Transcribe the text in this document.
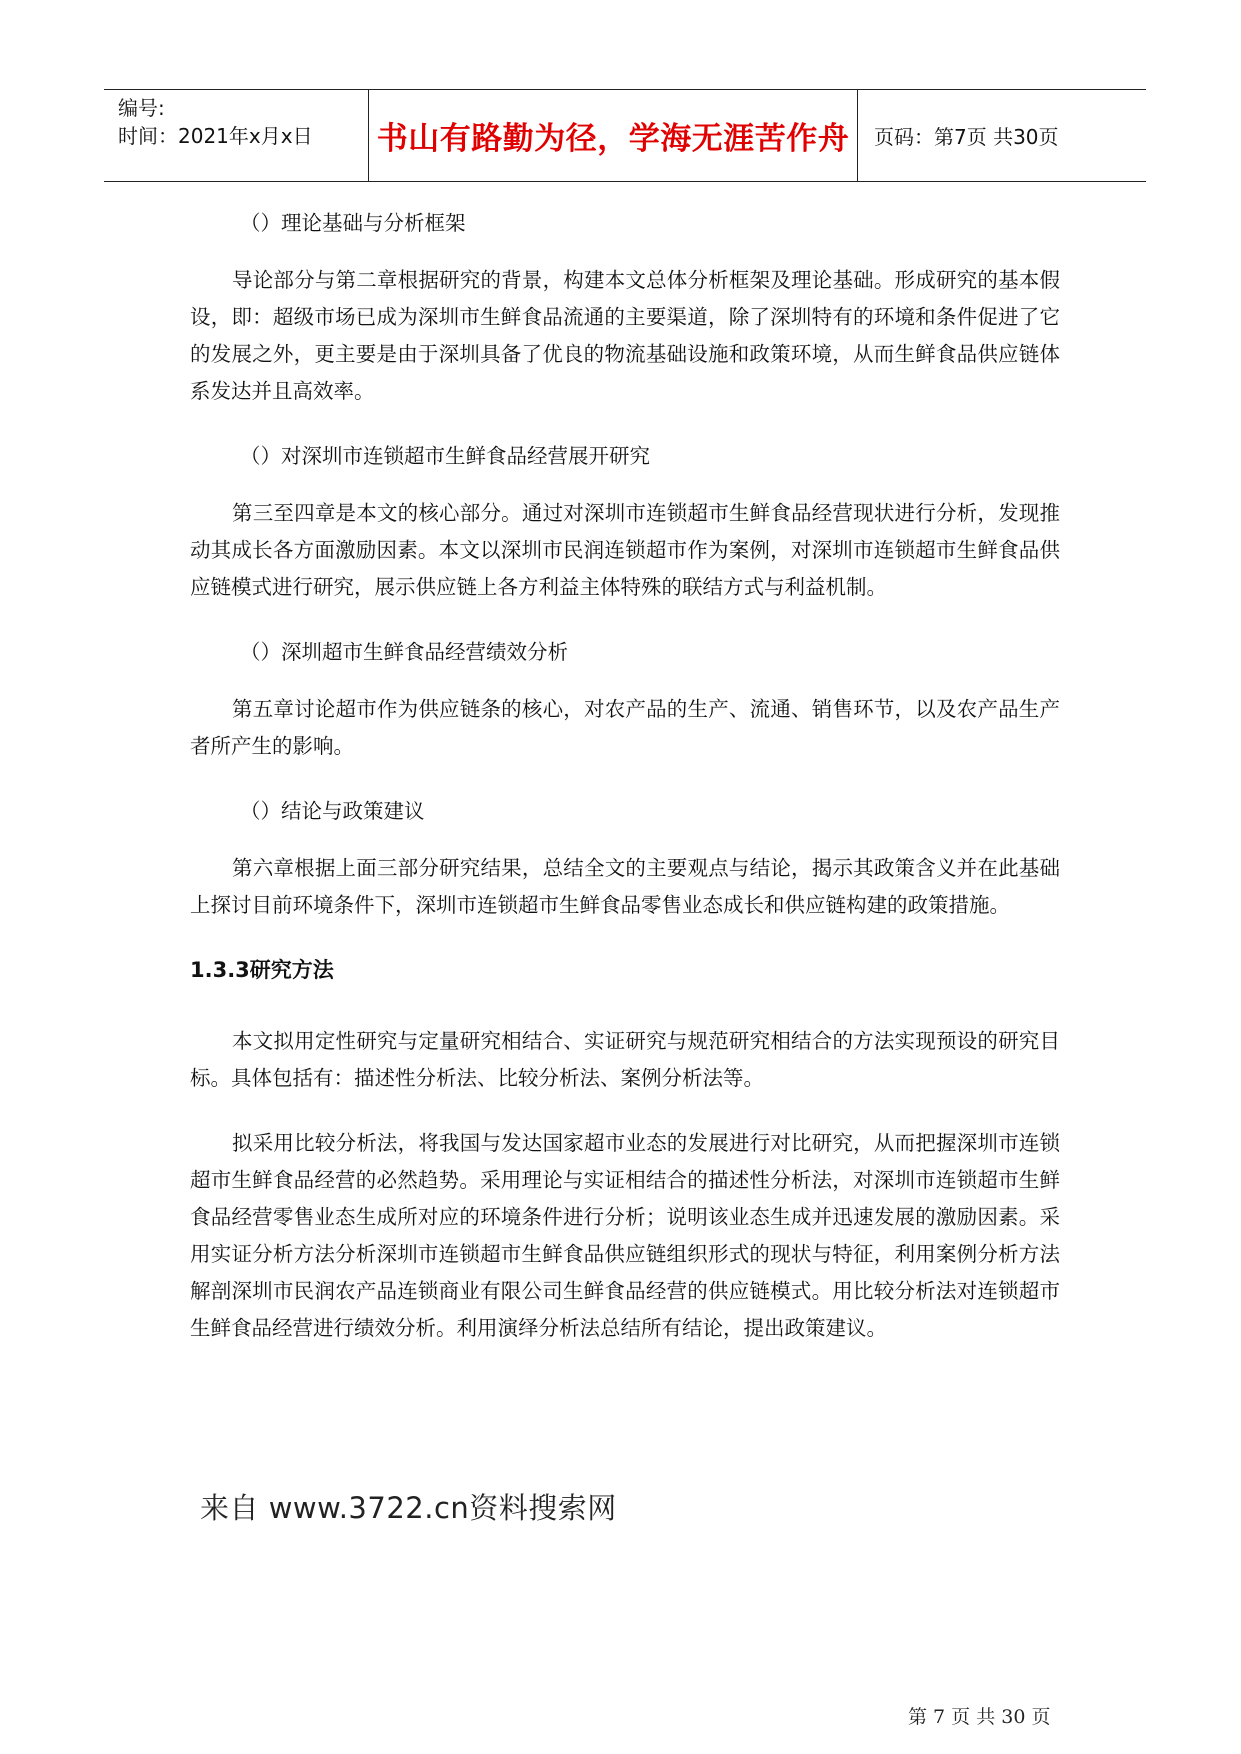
编号:
时间：2021年x月x日	书山有路勤为径，学海无涯苦作舟	页码：第7页 共30页

（）理论基础与分析框架

导论部分与第二章根据研究的背景，构建本文总体分析框架及理论基础。形成研究的基本假设，即：超级市场已成为深圳市生鲜食品流通的主要渠道，除了深圳特有的环境和条件促进了它的发展之外，更主要是由于深圳具备了优良的物流基础设施和政策环境，从而生鲜食品供应链体系发达并且高效率。

（）对深圳市连锁超市生鲜食品经营展开研究

第三至四章是本文的核心部分。通过对深圳市连锁超市生鲜食品经营现状进行分析，发现推动其成长各方面激励因素。本文以深圳市民润连锁超市作为案例，对深圳市连锁超市生鲜食品供应链模式进行研究，展示供应链上各方利益主体特殊的联结方式与利益机制。

（）深圳超市生鲜食品经营绩效分析

第五章讨论超市作为供应链条的核心，对农产品的生产、流通、销售环节，以及农产品生产者所产生的影响。

（）结论与政策建议

第六章根据上面三部分研究结果，总结全文的主要观点与结论，揭示其政策含义并在此基础上探讨目前环境条件下，深圳市连锁超市生鲜食品零售业态成长和供应链构建的政策措施。

1.3.3研究方法

本文拟用定性研究与定量研究相结合、实证研究与规范研究相结合的方法实现预设的研究目标。具体包括有：描述性分析法、比较分析法、案例分析法等。

拟采用比较分析法，将我国与发达国家超市业态的发展进行对比研究，从而把握深圳市连锁超市生鲜食品经营的必然趋势。采用理论与实证相结合的描述性分析法，对深圳市连锁超市生鲜食品经营零售业态生成所对应的环境条件进行分析；说明该业态生成并迅速发展的激励因素。采用实证分析方法分析深圳市连锁超市生鲜食品供应链组织形式的现状与特征，利用案例分析方法解剖深圳市民润农产品连锁商业有限公司生鲜食品经营的供应链模式。用比较分析法对连锁超市生鲜食品经营进行绩效分析。利用演绎分析法总结所有结论，提出政策建议。

来自 www.3722.cn资料搜索网
第 7 页 共 30 页
